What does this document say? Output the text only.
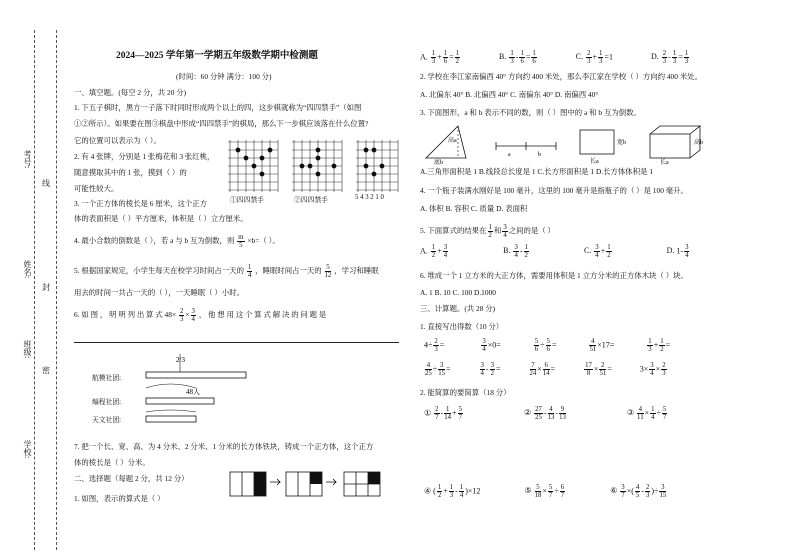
考号:
姓名:
班级:
学校:
线
封
密
2024—2025 学年第一学期五年级数学期中检测题
(时间：60 分钟 满分：100 分)
一、填空题。(每空 2 分，共 20 分)
1. 下五子棋时，黑方一子落下时同时形成两个以上的四，这步棋就称为“四四禁手”（如图
①②所示）。如果要在图③棋盘中形成“四四禁手”的棋局，那么下一步棋应该落在什么位置?
它的位置可以表示为（ ）。
2. 有 4 张牌，分别是 1 张梅花和 3 张红桃，
随意摸取其中的 1 张，摸到（ ）的
可能性较大。
①四四禁手	②四四禁手	5 4 3 2 1 0
3. 一个正方体的棱长是 6 厘米，这个正方
体的表面积是（ ）平方厘米，体积是（ ）立方厘米。
4. 最小合数的倒数是（ ），若 a 与 b 互为倒数，则 $\frac{m}{5} \times b=$（ ）。
5. 根据国家规定，小学生每天在校学习时间占一天的 $\frac{1}{4}$ ，睡眠时间占一天的 $\frac{5}{12}$ ，学习和睡眠
用去的时间一共占一天的（ ），一天睡眠（ ）小时。
6. 如 图 ， 明 明 列 出 算 式 $48\times \frac{2}{3} \times \frac{3}{4}$ ， 他 想 用 这 个 算 式 解 决 的 问 题 是
航模社团:
编程社团:
天文社团:
2/3
48人
7. 把一个长、宽、高、为 4 分米、2 分米、1 分米的长方体铁块，铸成一个正方体，这个正方
体的棱长是（ ）分米。
二、选择题（每题 2 分，共 12 分）
1. 如图，表示的算式是（ ）
A. $\frac{1}{3} + \frac{1}{6} = \frac{1}{2}$	B. $\frac{1}{3} - \frac{1}{6} = \frac{1}{6}$	C. $\frac{2}{3} + \frac{1}{3} =1$	D. $\frac{2}{3} - \frac{1}{3} = \frac{1}{3}$
2. 学校在李江家南偏西 40° 方向约 400 米处，那么李江家在学校（ ）方向约 400 米处。
A. 北偏东 40° B. 北偏西 40° C. 南偏东 40° D. 南偏西 40°
3. 下面图形，a 和 b 表示不同的数，则（ ）图中的 a 和 b 互为倒数。
底b
高a
a	b
宽b
长a
高b
长a
A.三角形面积是 1 B.线段总长度是 1 C.长方形面积是 1 D.长方体体积是 1
4. 一个瓶子装满水刚好是 100 毫升，这里的 100 毫升是指瓶子的（ ）是 100 毫升。
A. 体积 B. 容积 C. 质量 D. 表面积
5. 下面算式的结果在 $\frac{1}{2}$ 和 $\frac{3}{4}$ 之间的是（ ）
A. $\frac{1}{2} + \frac{3}{4}$	B. $\frac{3}{4} - \frac{1}{2}$	C. $\frac{3}{4} + \frac{1}{2}$	D. $1- \frac{3}{4}$
6. 堆成一个 1 立方米的大正方体，需要用体积是 1 立方分米的正方体木块（ ）块。
A. 1 B. 10 C. 100 D.1000
三、计算题。(共 28 分)
1. 直接写出得数（10 分）
$4\div \frac{2}{3}$ =	$\frac{3}{4} \times 0=$	$\frac{5}{6} \div \frac{5}{6}$ =	$\frac{4}{51} \times 17=$	$\frac{1}{3} + \frac{1}{2}$ =
$\frac{4}{25} \div \frac{3}{15}$ =	$\frac{3}{4} - \frac{3}{2}$ =	$\frac{7}{24} \times \frac{6}{14}$ =	$\frac{17}{8} \times \frac{2}{51}$ =	$3\times \frac{3}{4} \times \frac{2}{3}$
2. 能简算的要简算（18 分）
① $\frac{2}{7} - \frac{1}{14} + \frac{5}{7}$	② $\frac{27}{25} - \frac{4}{13} - \frac{9}{13}$	③ $\frac{4}{11} \times \frac{1}{4} \div \frac{5}{7}$
④ ( $\frac{1}{2} + \frac{1}{3} - \frac{1}{4} )\times 12$	⑤ $\frac{5}{18} \times \frac{5}{7} \div \frac{6}{7}$	⑥ $\frac{3}{7}$ ×( $\frac{4}{5} - \frac{2}{3}$ )÷ $\frac{3}{15}$
